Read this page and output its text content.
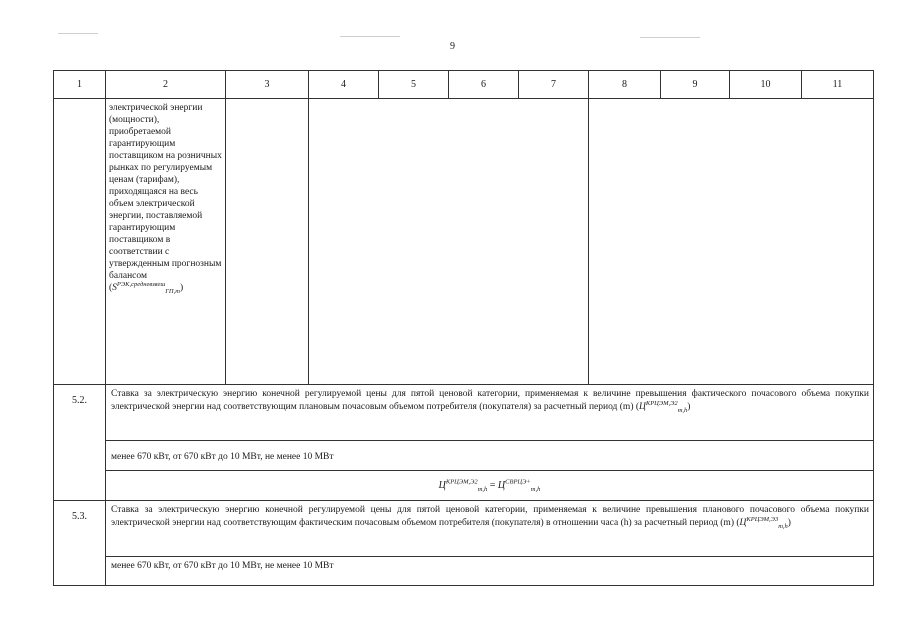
9
1	2	3	4	5	6	7	8	9	10	11
	электрической энергии (мощности), приобретаемой гарантирующим поставщиком на розничных рынках по регулируемым ценам (тарифам), приходящаяся на весь объем электрической энергии, поставляемой гарантирующим поставщиком в соответствии с утвержденным прогнозным балансом $(S^{РЭК,средневзвеш}_{ГП,m})$									
5.2.	Ставка за электрическую энергию конечной регулируемой цены для пятой ценовой категории, применяемая к величине превышения фактического почасового объема покупки электрической энергии над соответствующим плановым почасовым объемом потребителя (покупателя) за расчетный период (m) $(Ц^{КРЦЭМ,Э2}_{m,h})$									
	менее 670 кВт, от 670 кВт до 10 МВт, не менее 10 МВт									
	$Ц^{КРЦЭМ,Э2}_{m,h} = Ц^{СВРЦЭ+}_{m,h}$
5.3.	Ставка за электрическую энергию конечной регулируемой цены для пятой ценовой категории, применяемая к величине превышения планового почасового объема покупки электрической энергии над соответствующим фактическим почасовым объемом потребителя (покупателя) в отношении часа (h) за расчетный период (m) $(Ц^{КРЦЭМ,Э3}_{m,h})$									
	менее 670 кВт, от 670 кВт до 10 МВт, не менее 10 МВт									
